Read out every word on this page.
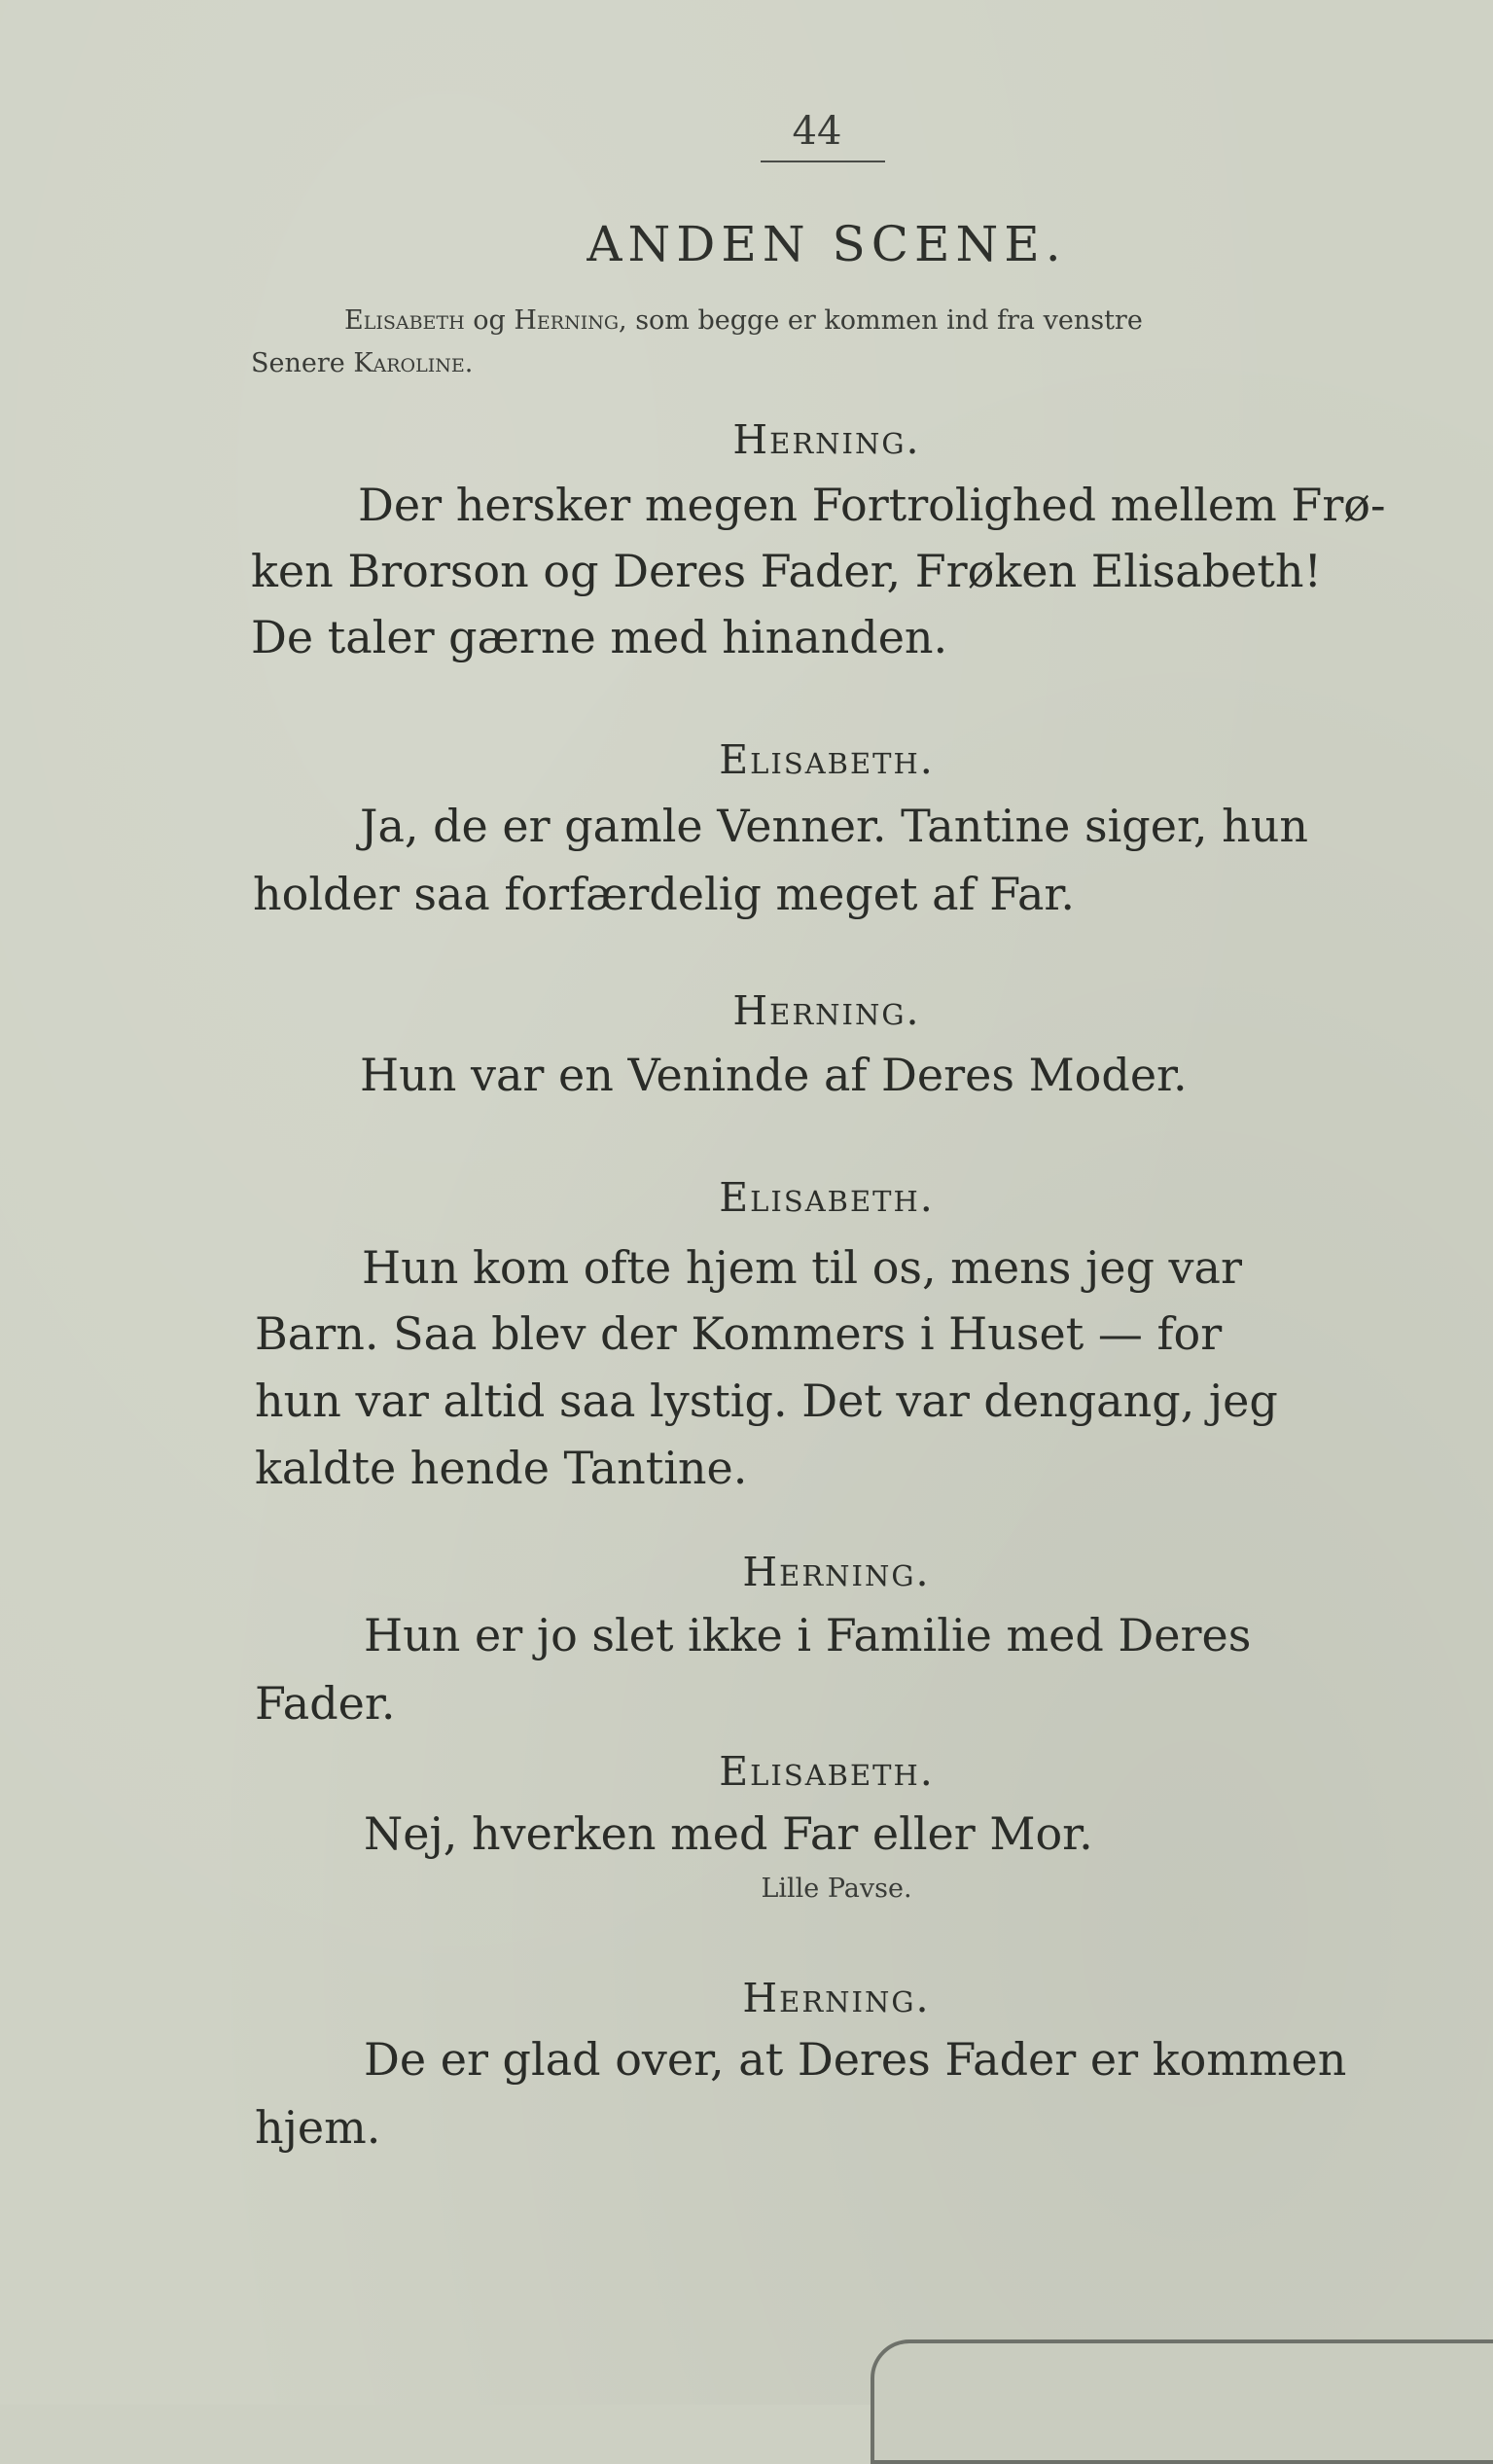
44
ANDEN SCENE.
Elisabeth og Herning, som begge er kommen ind fra venstre
Senere Karoline.
Herning.
Der hersker megen Fortrolighed mellem Frø-
ken Brorson og Deres Fader, Frøken Elisabeth!
De taler gærne med hinanden.
Elisabeth.
Ja, de er gamle Venner. Tantine siger, hun
holder saa forfærdelig meget af Far.
Herning.
Hun var en Veninde af Deres Moder.
Elisabeth.
Hun kom ofte hjem til os, mens jeg var
Barn. Saa blev der Kommers i Huset — for
hun var altid saa lystig. Det var dengang, jeg
kaldte hende Tantine.
Herning.
Hun er jo slet ikke i Familie med Deres
Fader.
Elisabeth.
Nej, hverken med Far eller Mor.
Lille Pavse.
Herning.
De er glad over, at Deres Fader er kommen
hjem.
